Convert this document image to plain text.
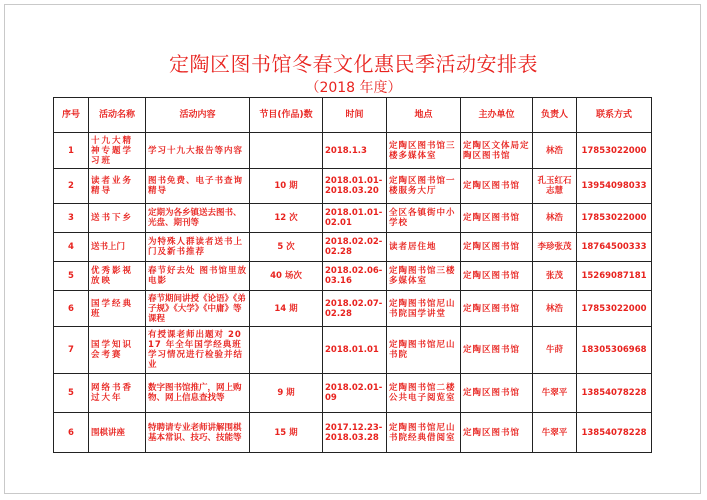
定陶区图书馆冬春文化惠民季活动安排表
（2018 年度）
序号	活动名称	活动内容	节目(作品)数	时间	地点	主办单位	负责人	联系方式
1	十九大精神专题学习班	学习十九大报告等内容		2018.1.3	定陶区图书馆三楼多媒体室	定陶区文体局定陶区图书馆	林浩	17853022000
2	读者业务精导	图书免费、电子书查询精导	10 期	2018.01.01-2018.03.20	定陶区图书馆一楼服务大厅	定陶区图书馆	孔玉红石志慧	13954098033
3	送书下乡	定期为各乡镇送去图书、光盘、期刊等	12 次	2018.01.01-02.01	全区各镇街中小学校	定陶区图书馆	林浩	17853022000
4	送书上门	为特殊人群读者送书上门及新书推荐	5 次	2018.02.02-02.28	读者居住地	定陶区图书馆	李珍张茂	18764500333
5	优秀影视放映	春节好去处 图书馆里放电影	40 场次	2018.02.06-03.16	定陶图书馆三楼多媒体室	定陶区图书馆	张茂	15269087181
6	国学经典班	春节期间讲授《论语》《弟子规》《大学》《中庸》等课程	14 期	2018.02.07-02.28	定陶图书馆尼山书院国学讲堂	定陶区图书馆	林浩	17853022000
7	国学知识会考赛	有授课老师出题对 2017 年全年国学经典班学习情况进行检验并结业		2018.01.01	定陶图书馆尼山书院	定陶区图书馆	牛莳	18305306968
5	网络书香过大年	数字图书馆推广，网上购物、网上信息查找等	9 期	2018.02.01-09	定陶图书馆二楼公共电子阅览室	定陶区图书馆	牛翠平	13854078228
6	围棋讲座	特聘请专业老师讲解围棋基本常识、技巧、技能等	15 期	2017.12.23-2018.03.28	定陶图书馆尼山书院经典借阅室	定陶区图书馆	牛翠平	13854078228
